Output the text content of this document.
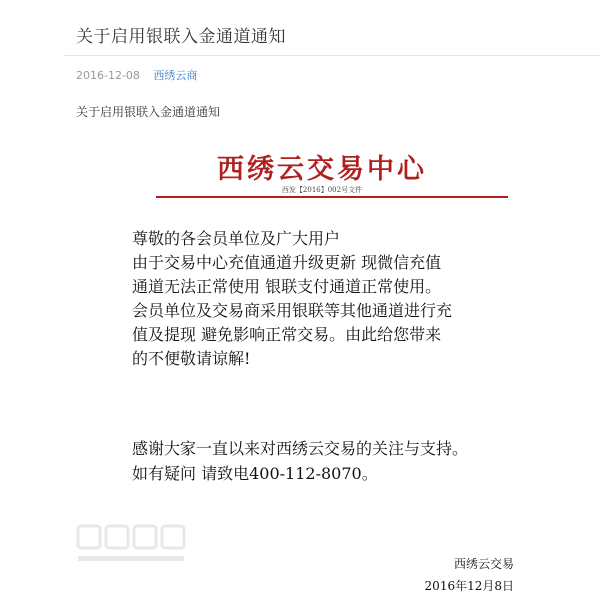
关于启用银联入金通道通知
2016-12-08 西绣云商
关于启用银联入金通道通知
西绣云交易中心
西发【2016】002号文件

尊敬的各会员单位及广大用户

由于交易中心充值通道升级更新 现微信充值

通道无法正常使用 银联支付通道正常使用。

会员单位及交易商采用银联等其他通道进行充

值及提现 避免影响正常交易。由此给您带来

的不便敬请谅解!

感谢大家一直以来对西绣云交易的关注与支持。

如有疑问 请致电400-112-8070。

西绣云交易
2016年12月8日
